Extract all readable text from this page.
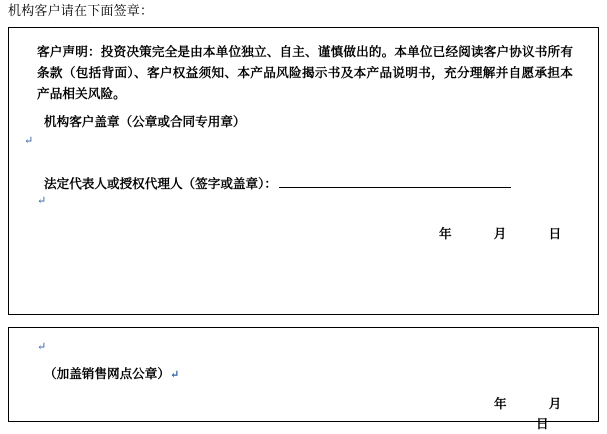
机构客户请在下面签章：
客户声明：投资决策完全是由本单位独立、自主、谨慎做出的。本单位已经阅读客户协议书所有条款（包括背面）、客户权益须知、本产品风险揭示书及本产品说明书，充分理解并自愿承担本产品相关风险。
机构客户盖章（公章或合同专用章）
↵
法定代表人或授权代理人（签字或盖章）：
↵
年	月	日
↵
（加盖销售网点公章）↵
年	月日
